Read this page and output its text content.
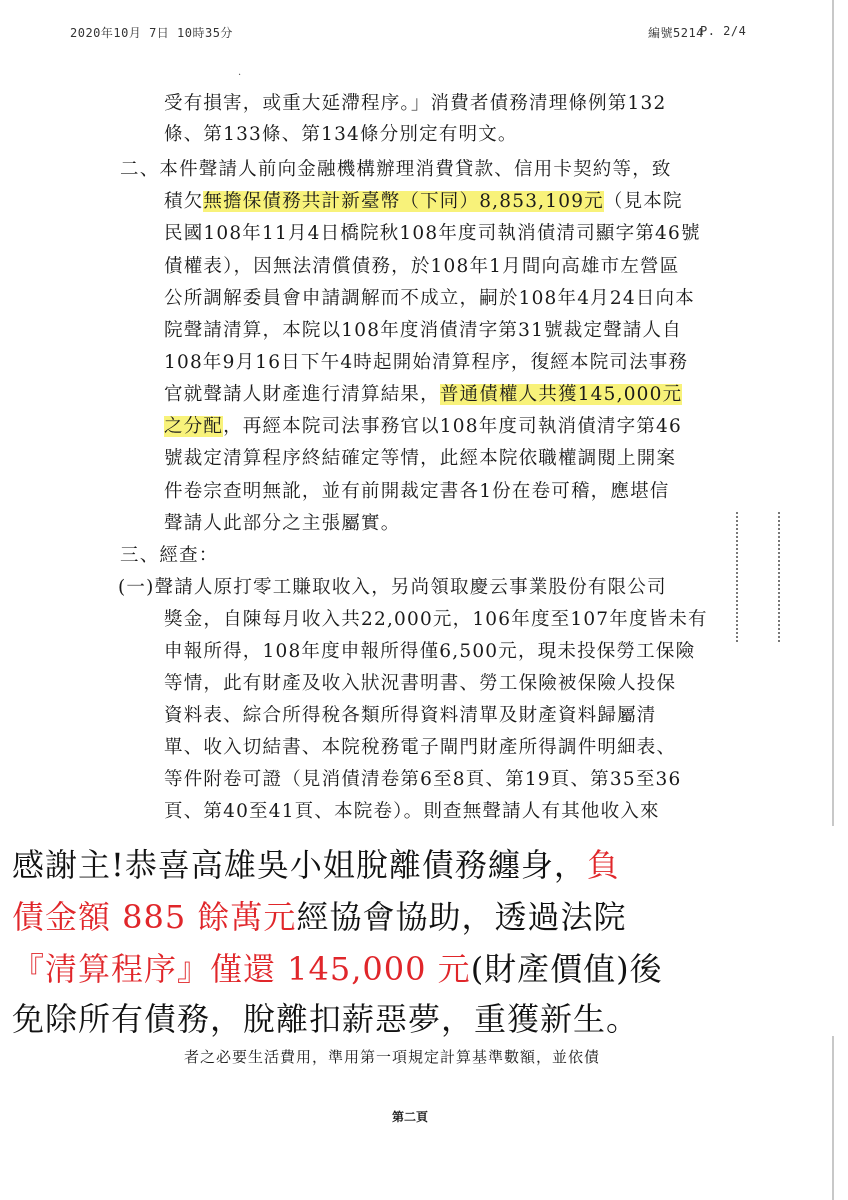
2020年10月 7日 10時35分	編號5214
P. 2/4
·
受有損害，或重大延滯程序。」消費者債務清理條例第132
條、第133條、第134條分別定有明文。
二、本件聲請人前向金融機構辦理消費貸款、信用卡契約等，致
積欠無擔保債務共計新臺幣（下同）8,853,109元（見本院
民國108年11月4日橋院秋108年度司執消債清司顯字第46號
債權表），因無法清償債務，於108年1月間向高雄市左營區
公所調解委員會申請調解而不成立，嗣於108年4月24日向本
院聲請清算，本院以108年度消債清字第31號裁定聲請人自
108年9月16日下午4時起開始清算程序，復經本院司法事務
官就聲請人財產進行清算結果，普通債權人共獲145,000元
之分配，再經本院司法事務官以108年度司執消債清字第46
號裁定清算程序終結確定等情，此經本院依職權調閱上開案
件卷宗查明無訛，並有前開裁定書各1份在卷可稽，應堪信
聲請人此部分之主張屬實。
三、經查：
(一)聲請人原打零工賺取收入，另尚領取慶云事業股份有限公司
獎金，自陳每月收入共22,000元，106年度至107年度皆未有
申報所得，108年度申報所得僅6,500元，現未投保勞工保險
等情，此有財產及收入狀況書明書、勞工保險被保險人投保
資料表、綜合所得稅各類所得資料清單及財產資料歸屬清
單、收入切結書、本院稅務電子閘門財產所得調件明細表、
等件附卷可證（見消債清卷第6至8頁、第19頁、第35至36
頁、第40至41頁、本院卷）。則查無聲請人有其他收入來
感謝主!恭喜高雄吳小姐脫離債務纏身，負
債金額 885 餘萬元經協會協助，透過法院
『清算程序』僅還 145,000 元(財產價值)後
免除所有債務，脫離扣薪惡夢，重獲新生。
者之必要生活費用，準用第一項規定計算基準數額，並依債
第二頁
